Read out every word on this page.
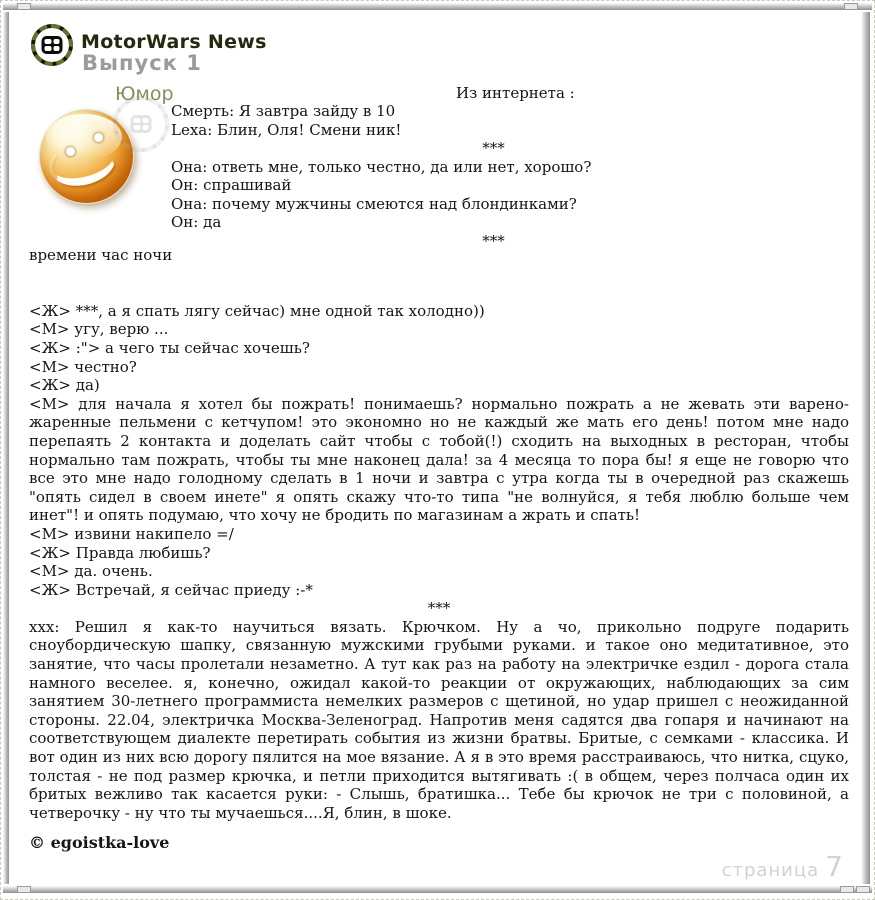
MotorWars News
Выпуск 1
Юмор	Из интернета :
Смерть: Я завтра зайду в 10
Lexa: Блин, Оля! Смени ник!
***
Она: ответь мне, только честно, да или нет, хорошо?
Он: спрашивай
Она: почему мужчины смеются над блондинками?
Он: да
***
времени час ночи
<Ж> ***, а я спать лягу сейчас) мне одной так холодно))
<М> угу, верю ...
<Ж> :"> а чего ты сейчас хочешь?
<М> честно?
<Ж> да)
<М> для начала я хотел бы пожрать! понимаешь? нормально пожрать а не жевать эти варено-жаренные пельмени с кетчупом! это экономно но не каждый же мать его день! потом мне надо перепаять 2 контакта и доделать сайт чтобы с тобой(!) сходить на выходных в ресторан, чтобы нормально там пожрать, чтобы ты мне наконец дала! за 4 месяца то пора бы! я еще не говорю что все это мне надо голодному сделать в 1 ночи и завтра с утра когда ты в очередной раз скажешь "опять сидел в своем инете" я опять скажу что-то типа "не волнуйся, я тебя люблю больше чем инет"! и опять подумаю, что хочу не бродить по магазинам а жрать и спать!
<М> извини накипело =/
<Ж> Правда любишь?
<М> да. очень.
<Ж> Встречай, я сейчас приеду :-*
***
xxx: Решил я как-то научиться вязать. Крючком. Ну а чо, прикольно подруге подарить сноубордическую шапку, связанную мужскими грубыми руками. и такое оно медитативное, это занятие, что часы пролетали незаметно. А тут как раз на работу на электричке ездил - дорога стала намного веселее. я, конечно, ожидал какой-то реакции от окружающих, наблюдающих за сим занятием 30-летнего программиста немелких размеров с щетиной, но удар пришел с неожиданной стороны. 22.04, электричка Москва-Зеленоград. Напротив меня садятся два гопаря и начинают на соответствующем диалекте перетирать события из жизни братвы. Бритые, с семками - классика. И вот один из них всю дорогу пялится на мое вязание. А я в это время расстраиваюсь, что нитка, сцуко, толстая - не под размер крючка, и петли приходится вытягивать :( в общем, через полчаса один их бритых вежливо так касается руки: - Слышь, братишка... Тебе бы крючок не три с половиной, а четверочку - ну что ты мучаешься....Я, блин, в шоке.
© egoistka-love
страница 7
